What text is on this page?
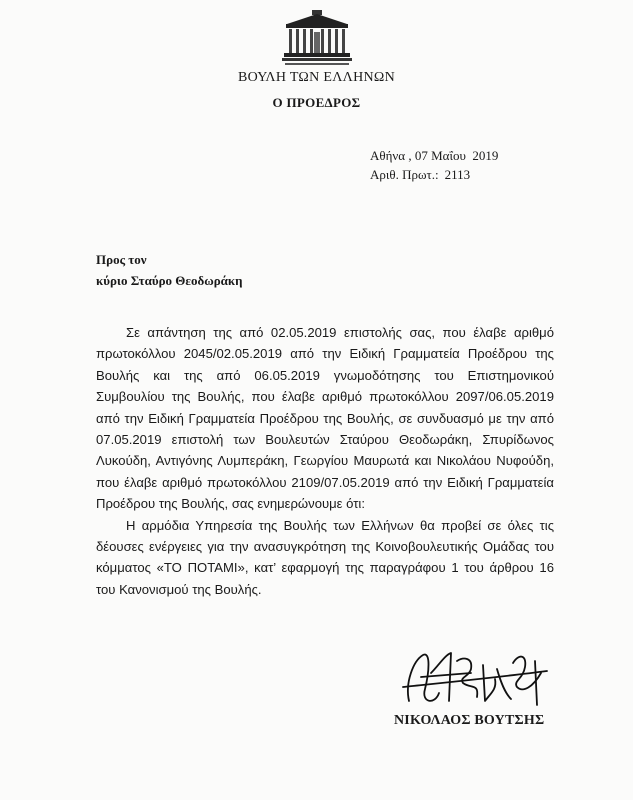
ΒΟΥΛΗ ΤΩΝ ΕΛΛΗΝΩΝ
Ο ΠΡΟΕΔΡΟΣ
Αθήνα , 07 Μαΐου  2019
Αριθ. Πρωτ.: 2113
Προς τον
κύριο Σταύρο Θεοδωράκη

Σε απάντηση της από 02.05.2019 επιστολής σας, που έλαβε αριθμό πρωτοκόλλου 2045/02.05.2019 από την Ειδική Γραμματεία Προέδρου της Βουλής και της από 06.05.2019 γνωμοδότησης του Επιστημονικού Συμβουλίου της Βουλής, που έλαβε αριθμό πρωτοκόλλου 2097/06.05.2019 από την Ειδική Γραμματεία Προέδρου της Βουλής, σε συνδυασμό με την από 07.05.2019 επιστολή των Βουλευτών Σταύρου Θεοδωράκη, Σπυρίδωνος Λυκούδη, Αντιγόνης Λυμπεράκη, Γεωργίου Μαυρωτά και Νικολάου Νυφούδη, που έλαβε αριθμό πρωτοκόλλου 2109/07.05.2019 από την Ειδική Γραμματεία Προέδρου της Βουλής, σας ενημερώνουμε ότι:

Η αρμόδια Υπηρεσία της Βουλής των Ελλήνων θα προβεί σε όλες τις δέουσες ενέργειες για την ανασυγκρότηση της Κοινοβουλευτικής Ομάδας του κόμματος «ΤΟ ΠΟΤΑΜΙ», κατ’ εφαρμογή της παραγράφου 1 του άρθρου 16 του Κανονισμού της Βουλής.

ΝΙΚΟΛΑΟΣ ΒΟΥΤΣΗΣ
